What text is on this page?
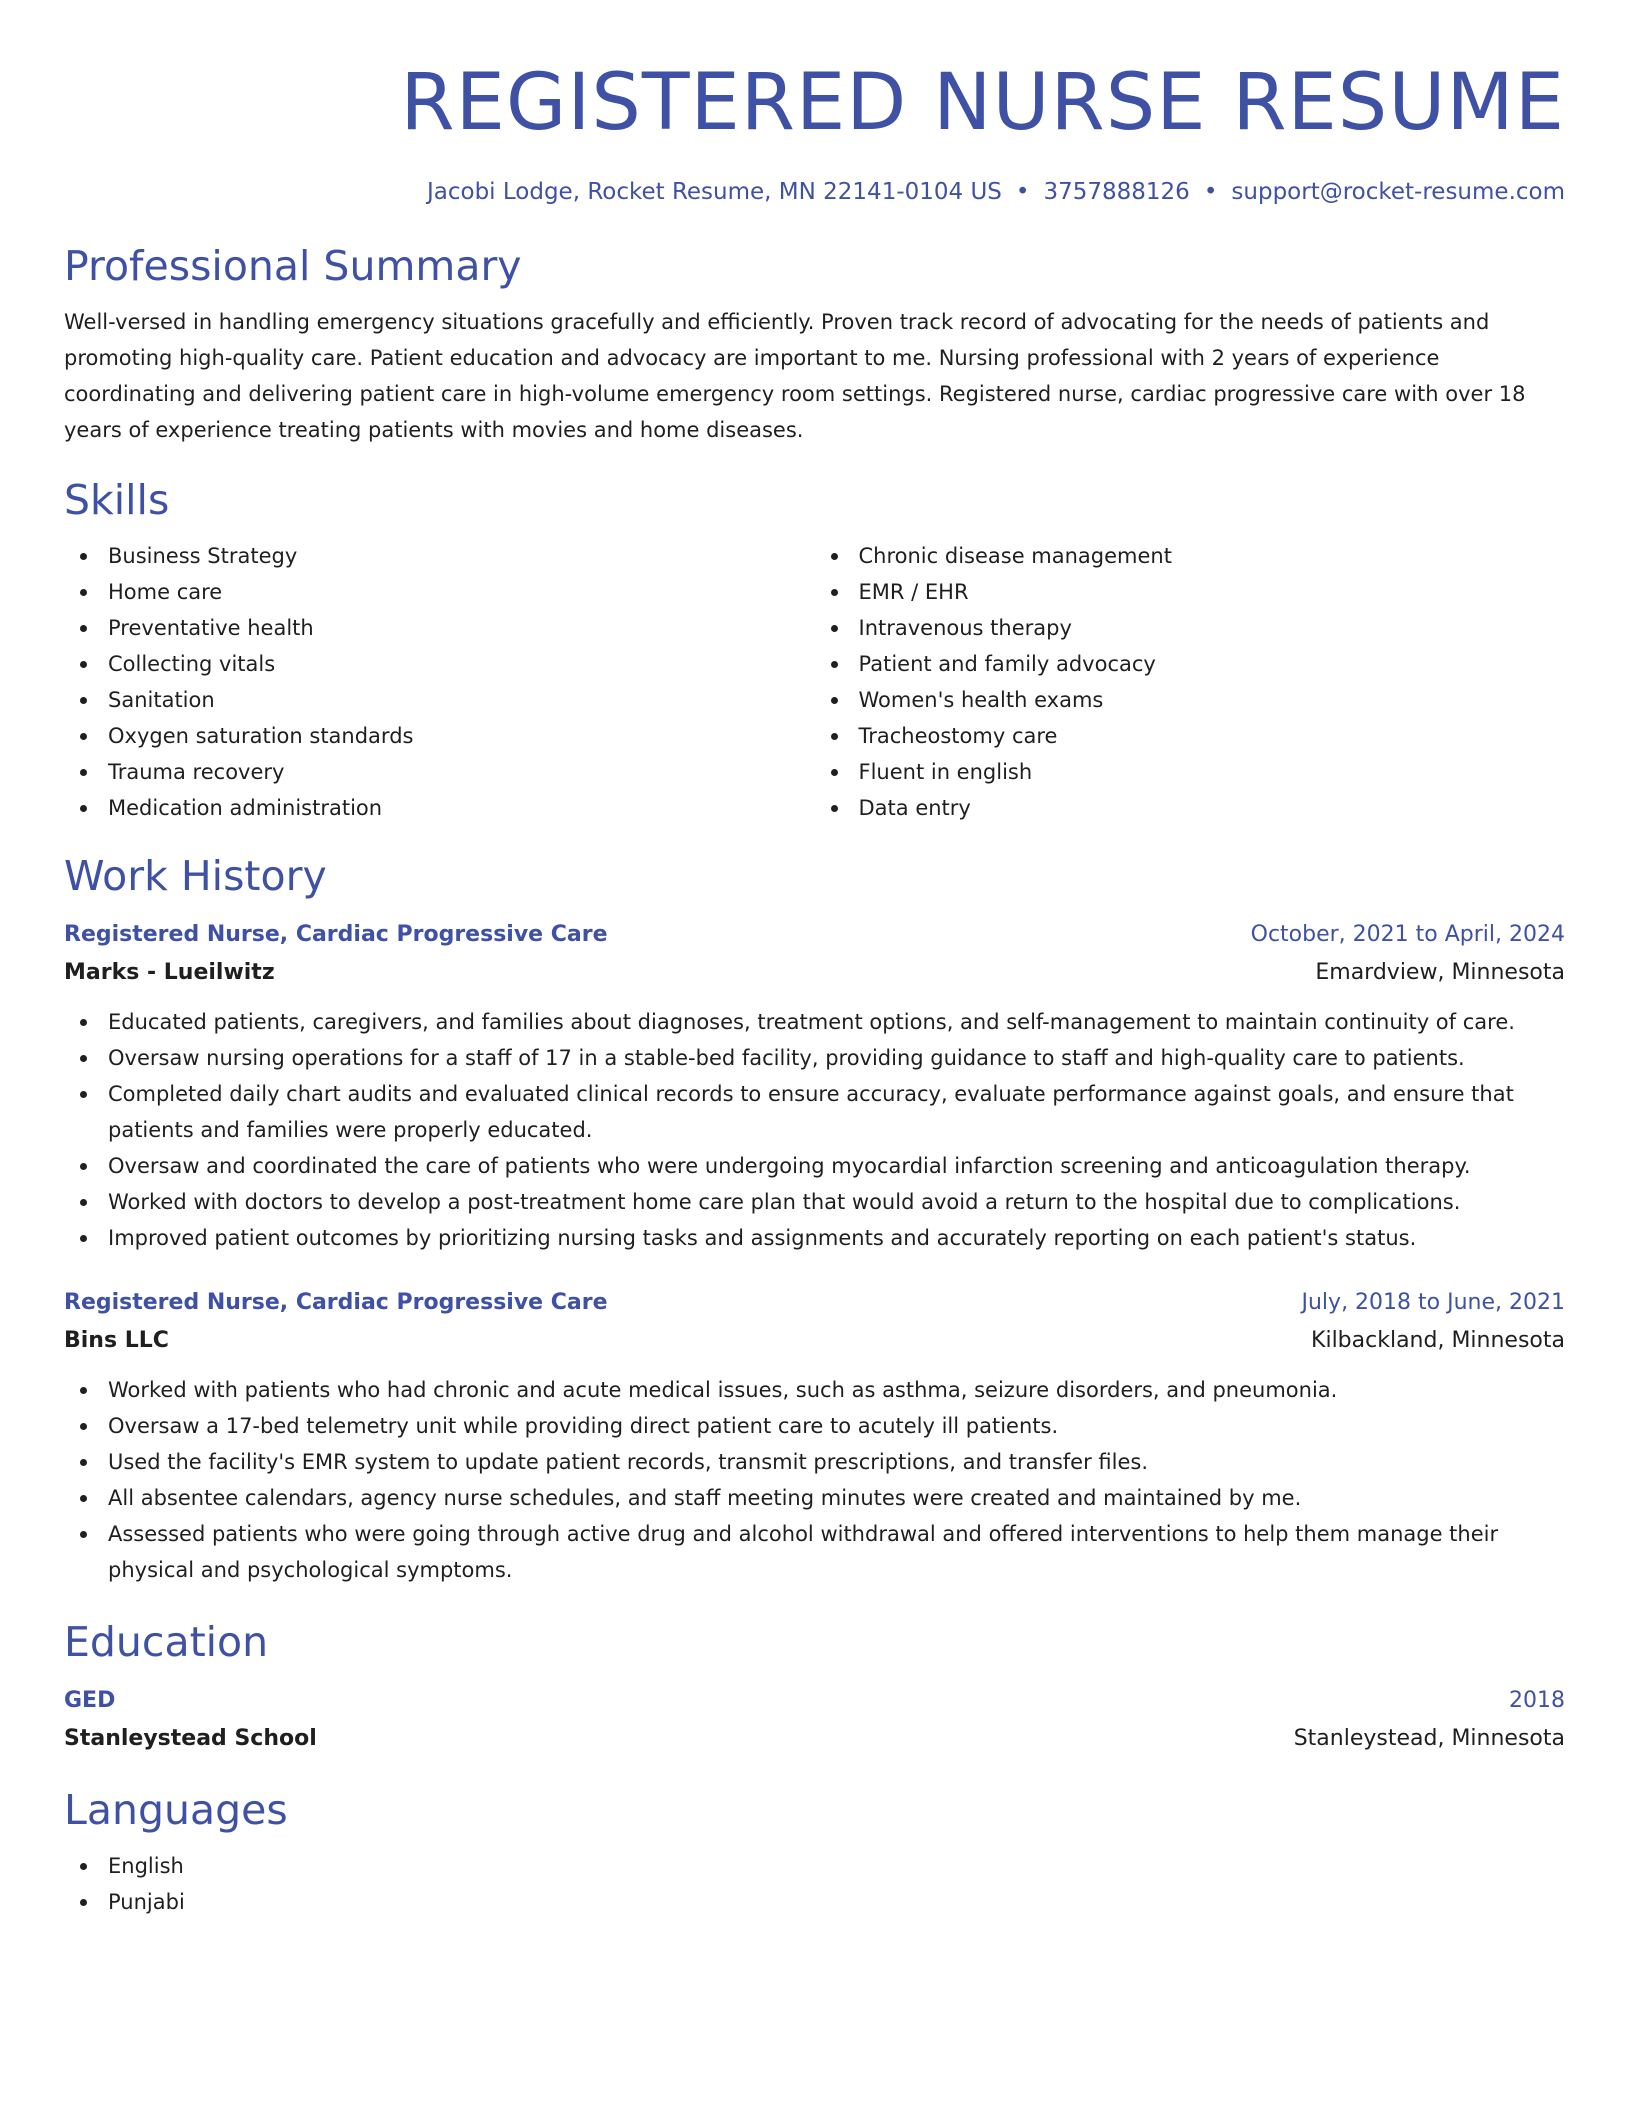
REGISTERED NURSE RESUME
Jacobi Lodge, Rocket Resume, MN 22141-0104 US • 3757888126 • support@rocket-resume.com
Professional Summary

Well-versed in handling emergency situations gracefully and efficiently. Proven track record of advocating for the needs of patients and promoting high-quality care. Patient education and advocacy are important to me. Nursing professional with 2 years of experience coordinating and delivering patient care in high-volume emergency room settings. Registered nurse, cardiac progressive care with over 18 years of experience treating patients with movies and home diseases.

Skills
Business Strategy
Home care
Preventative health
Collecting vitals
Sanitation
Oxygen saturation standards
Trauma recovery
Medication administration
Chronic disease management
EMR / EHR
Intravenous therapy
Patient and family advocacy
Women's health exams
Tracheostomy care
Fluent in english
Data entry
Work History
Registered Nurse, Cardiac Progressive Care	October, 2021 to April, 2024
Marks - Lueilwitz	Emardview, Minnesota
Educated patients, caregivers, and families about diagnoses, treatment options, and self-management to maintain continuity of care.
Oversaw nursing operations for a staff of 17 in a stable-bed facility, providing guidance to staff and high-quality care to patients.
Completed daily chart audits and evaluated clinical records to ensure accuracy, evaluate performance against goals, and ensure that patients and families were properly educated.
Oversaw and coordinated the care of patients who were undergoing myocardial infarction screening and anticoagulation therapy.
Worked with doctors to develop a post-treatment home care plan that would avoid a return to the hospital due to complications.
Improved patient outcomes by prioritizing nursing tasks and assignments and accurately reporting on each patient's status.
Registered Nurse, Cardiac Progressive Care	July, 2018 to June, 2021
Bins LLC	Kilbackland, Minnesota
Worked with patients who had chronic and acute medical issues, such as asthma, seizure disorders, and pneumonia.
Oversaw a 17-bed telemetry unit while providing direct patient care to acutely ill patients.
Used the facility's EMR system to update patient records, transmit prescriptions, and transfer files.
All absentee calendars, agency nurse schedules, and staff meeting minutes were created and maintained by me.
Assessed patients who were going through active drug and alcohol withdrawal and offered interventions to help them manage their physical and psychological symptoms.
Education
GED	2018
Stanleystead School	Stanleystead, Minnesota
Languages
English
Punjabi
